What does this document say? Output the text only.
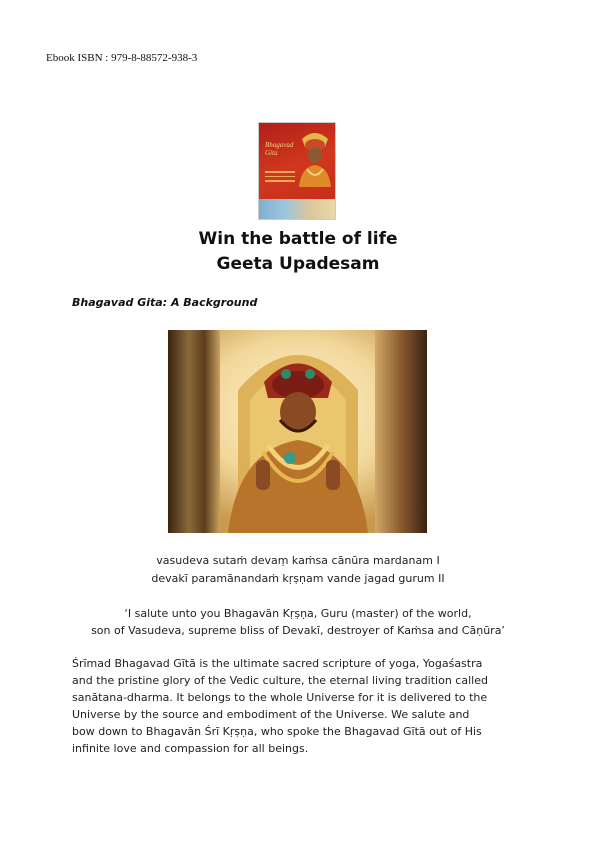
Ebook ISBN : 979-8-88572-938-3
Bhagavad Gita
Win the battle of life
Geeta Upadesam
Bhagavad Gita: A Background
vasudeva sutaṁ devaṃ kaṁsa cānūra mardanam I
devakī paramānandaṁ kṛṣṇam vande jagad gurum II
‘I salute unto you Bhagavān Kṛṣṇa, Guru (master) of the world,
son of Vasudeva, supreme bliss of Devakī, destroyer of Kaṁsa and Cāṇūra’
Śrīmad Bhagavad Gītā is the ultimate sacred scripture of yoga, Yogaśastra
and the pristine glory of the Vedic culture, the eternal living tradition called
sanātana-dharma. It belongs to the whole Universe for it is delivered to the
Universe by the source and embodiment of the Universe. We salute and
bow down to Bhagavān Śrī Kṛṣṇa, who spoke the Bhagavad Gītā out of His
infinite love and compassion for all beings.
